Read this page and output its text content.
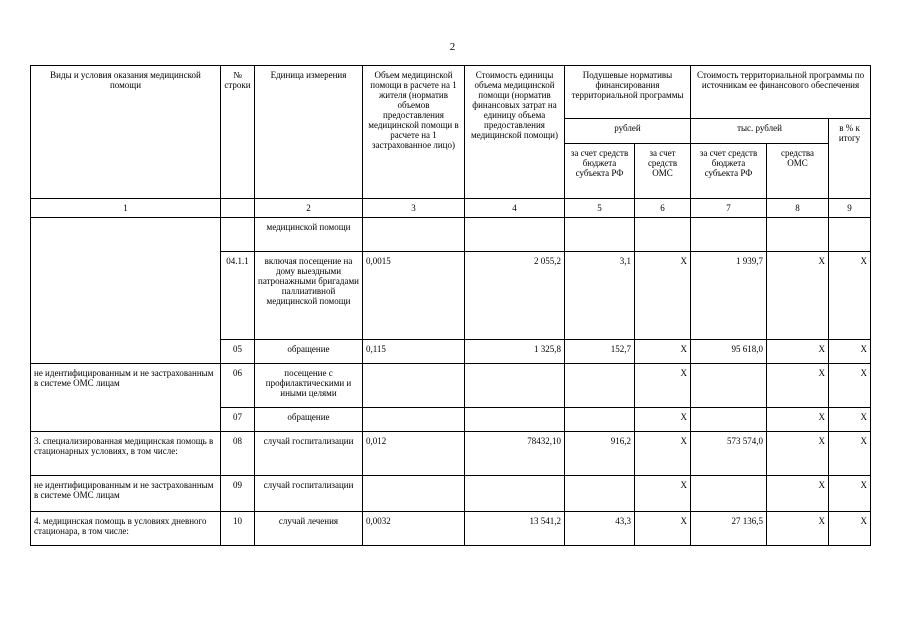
2
Виды и условия оказания медицинской помощи	№ строки	Единица измерения	Объем медицинской помощи в расчете на 1 жителя (норматив объемов предоставления медицинской помощи в расчете на 1 застрахованное лицо)	Стоимость единицы объема медицинской помощи (норматив финансовых затрат на единицу объема предоставления медицинской помощи)	Подушевые нормативы финансирования территориальной программы		Стоимость территориальной программы по источникам ее финансового обеспечения		
					рублей		тыс. рублей		в % к итогу
					за счет средств бюджета субъекта РФ	за счет средств ОМС	за счет средств бюджета субъекта РФ	средства ОМС	
1		2	3	4	5	6	7	8	9
		медицинской помощи							
	04.1.1	включая посещение на дому выездными патронажными бригадами паллиативной медицинской помощи	0,0015	2 055,2	3,1	X	1 939,7	X	X
	05	обращение	0,115	1 325,8	152,7	X	95 618,0	X	X
не идентифицированным и не застрахованным в системе ОМС лицам	06	посещение с профилактическими и иными целями				X		X	X
	07	обращение				X		X	X
3. специализированная медицинская помощь в стационарных условиях, в том числе:	08	случай госпитализации	0,012	78432,10	916,2	X	573 574,0	X	X
не идентифицированным и не застрахованным в системе ОМС лицам	09	случай госпитализации				X		X	X
4. медицинская помощь в условиях дневного стационара, в том числе:	10	случай лечения	0,0032	13 541,2	43,3	X	27 136,5	X	X
